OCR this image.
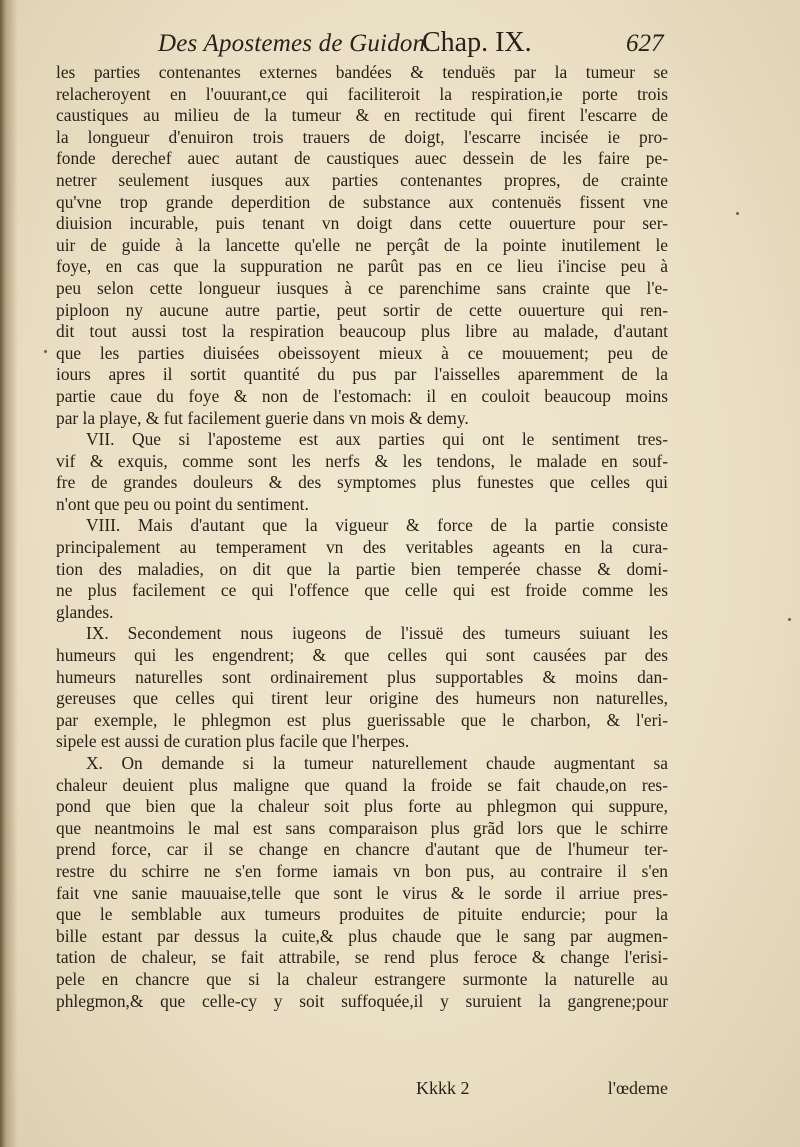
Des Apostemes de Guidon.
Chap. IX.	627
les parties contenantes externes bandées & tenduës par la tumeur se
relacheroyent en l'ouurant,ce qui faciliteroit la respiration,ie porte trois
caustiques au milieu de la tumeur & en rectitude qui firent l'escarre de
la longueur d'enuiron trois trauers de doigt, l'escarre incisée ie pro-
fonde derechef auec autant de caustiques auec dessein de les faire pe-
netrer seulement iusques aux parties contenantes propres, de crainte
qu'vne trop grande deperdition de substance aux contenuës fissent vne
diuision incurable, puis tenant vn doigt dans cette ouuerture pour ser-
uir de guide à la lancette qu'elle ne perçât de la pointe inutilement le
foye, en cas que la suppuration ne parût pas en ce lieu i'incise peu à
peu selon cette longueur iusques à ce parenchime sans crainte que l'e-
piploon ny aucune autre partie, peut sortir de cette ouuerture qui ren-
dit tout aussi tost la respiration beaucoup plus libre au malade, d'autant
que les parties diuisées obeissoyent mieux à ce mouuement; peu de
iours apres il sortit quantité du pus par l'aisselles aparemment de la
partie caue du foye & non de l'estomach: il en couloit beaucoup moins
par la playe, & fut facilement guerie dans vn mois & demy.
VII. Que si l'aposteme est aux parties qui ont le sentiment tres-
vif & exquis, comme sont les nerfs & les tendons, le malade en souf-
fre de grandes douleurs & des symptomes plus funestes que celles qui
n'ont que peu ou point du sentiment.
VIII. Mais d'autant que la vigueur & force de la partie consiste
principalement au temperament vn des veritables ageants en la cura-
tion des maladies, on dit que la partie bien temperée chasse & domi-
ne plus facilement ce qui l'offence que celle qui est froide comme les
glandes.
IX. Secondement nous iugeons de l'issuë des tumeurs suiuant les
humeurs qui les engendrent; & que celles qui sont causées par des
humeurs naturelles sont ordinairement plus supportables & moins dan-
gereuses que celles qui tirent leur origine des humeurs non naturelles,
par exemple, le phlegmon est plus guerissable que le charbon, & l'eri-
sipele est aussi de curation plus facile que l'herpes.
X. On demande si la tumeur naturellement chaude augmentant sa
chaleur deuient plus maligne que quand la froide se fait chaude,on res-
pond que bien que la chaleur soit plus forte au phlegmon qui suppure,
que neantmoins le mal est sans comparaison plus grãd lors que le schirre
prend force, car il se change en chancre d'autant que de l'humeur ter-
restre du schirre ne s'en forme iamais vn bon pus, au contraire il s'en
fait vne sanie mauuaise,telle que sont le virus & le sorde il arriue pres-
que le semblable aux tumeurs produites de pituite endurcie; pour la
bille estant par dessus la cuite,& plus chaude que le sang par augmen-
tation de chaleur, se fait attrabile, se rend plus feroce & change l'erisi-
pele en chancre que si la chaleur estrangere surmonte la naturelle au
phlegmon,& que celle-cy y soit suffoquée,il y suruient la gangrene;pour
Kkkk 2	l'œdeme
